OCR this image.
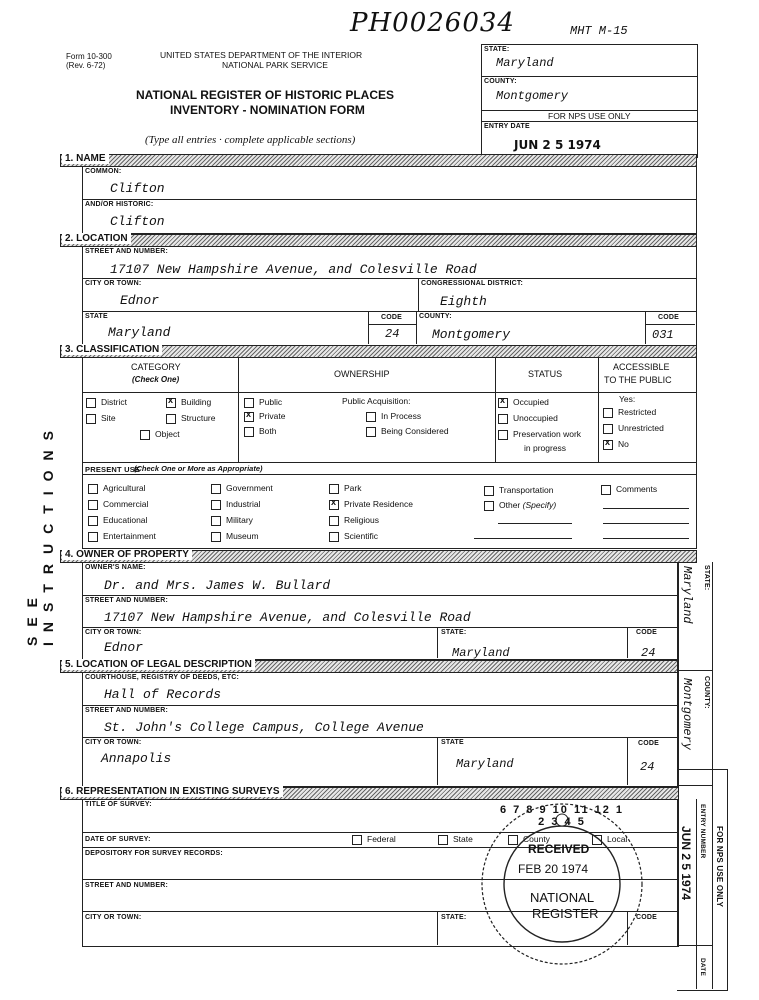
PH0026034	MHT M-15
Form 10-300
(Rev. 6-72)
UNITED STATES DEPARTMENT OF THE INTERIOR
NATIONAL PARK SERVICE
NATIONAL REGISTER OF HISTORIC PLACES
INVENTORY - NOMINATION FORM
(Type all entries · complete applicable sections)
STATE:
Maryland
COUNTY:
Montgomery
FOR NPS USE ONLY
ENTRY DATE
JUN 2 5 1974
SEE INSTRUCTIONS
1. NAME
COMMON:
Clifton
AND/OR HISTORIC:
Clifton
2. LOCATION
STREET AND NUMBER:
17107 New Hampshire Avenue, and Colesville Road
CITY OR TOWN:
Ednor
CONGRESSIONAL DISTRICT:
Eighth
STATE
Maryland
CODE
24
COUNTY:
Montgomery
CODE
031
3. CLASSIFICATION
CATEGORY
(Check One)
OWNERSHIP	STATUS
ACCESSIBLE
TO THE PUBLIC
District
x	Building
Site	Structure
Object
Public
xPrivate
Both
Public Acquisition:
In Process
Being Considered
xOccupied
Unoccupied
Preservation work
in progress
Yes:
Restricted
Unrestricted
xNo
PRESENT USE
(Check One or More as Appropriate)
Agricultural
Commercial
Educational
Entertainment
Government
Industrial
Military
Museum
Park
xPrivate Residence
Religious
Scientific
Transportation
Other (Specify)
Comments
4. OWNER OF PROPERTY
OWNER'S NAME:
Dr. and Mrs. James W. Bullard
STREET AND NUMBER:
17107 New Hampshire Avenue, and Colesville Road
CITY OR TOWN:
Ednor
STATE:
Maryland
CODE
24
5. LOCATION OF LEGAL DESCRIPTION
COURTHOUSE, REGISTRY OF DEEDS, ETC:
Hall of Records
STREET AND NUMBER:
St. John's College Campus, College Avenue
CITY OR TOWN:
Annapolis
STATE
Maryland
CODE
24
STATE:
Maryland
COUNTY:
Montgomery
6. REPRESENTATION IN EXISTING SURVEYS
TITLE OF SURVEY:
DATE OF SURVEY:	Federal	State	County	Local
DEPOSITORY FOR SURVEY RECORDS:
STREET AND NUMBER:
CITY OR TOWN:	STATE:	CODE
JUN 2 5 1974 ENTRY NUMBER FOR NPS USE ONLY
DATE
6 7 8 9 10 11 12 1 2 3 4 5
RECEIVED
FEB 20 1974
NATIONAL
REGISTER
